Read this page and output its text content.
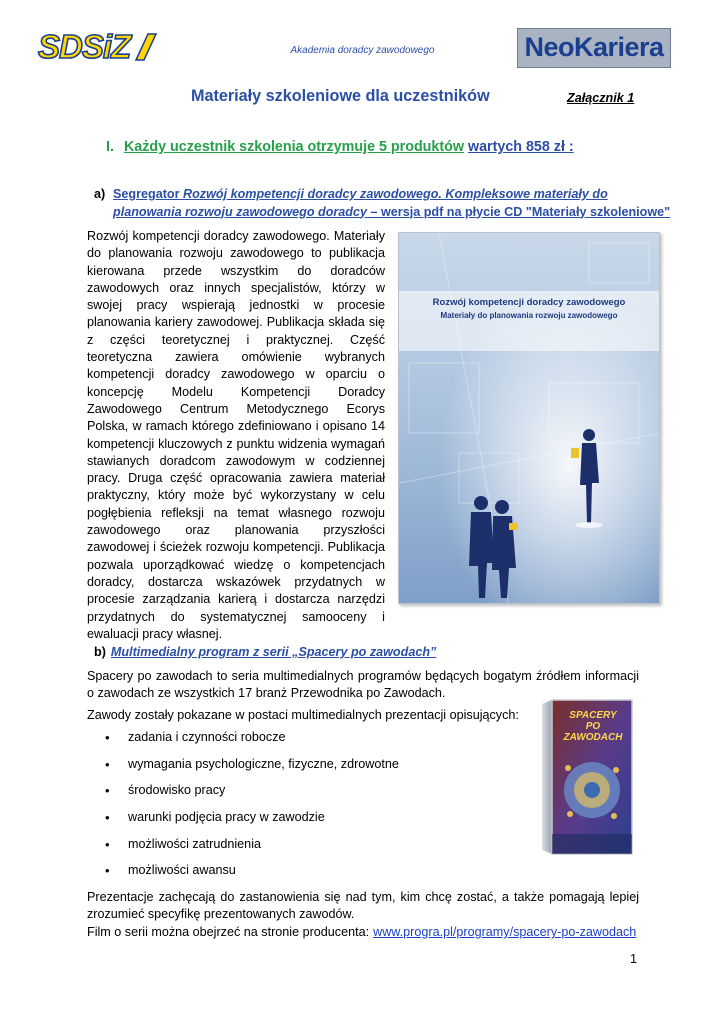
SDSiZ	Akademia doradcy zawodowego	NeoKariera
Materiały szkoleniowe dla uczestników	Załącznik 1
I. Każdy uczestnik szkolenia otrzymuje 5 produktów wartych 858 zł :
a) Segregator Rozwój kompetencji doradcy zawodowego. Kompleksowe materiały do
planowania rozwoju zawodowego doradcy – wersja pdf na płycie CD "Materiały szkoleniowe"

Rozwój kompetencji doradcy zawodowego. Materiały do planowania rozwoju zawodowego to publikacja kierowana przede wszystkim do doradców zawodowych oraz innych specjalistów, którzy w swojej pracy wspierają jednostki w procesie planowania kariery zawodowej. Publikacja składa się z części teoretycznej i praktycznej. Część teoretyczna zawiera omówienie wybranych kompetencji doradcy zawodowego w oparciu o koncepcję Modelu Kompetencji Doradcy Zawodowego Centrum Metodycznego Ecorys Polska, w ramach którego zdefiniowano i opisano 14 kompetencji kluczowych z punktu widzenia wymagań stawianych doradcom zawodowym w codziennej pracy. Druga część opracowania zawiera materiał praktyczny, który może być wykorzystany w celu pogłębienia refleksji na temat własnego rozwoju zawodowego oraz planowania przyszłości zawodowej i ścieżek rozwoju kompetencji. Publikacja pozwala uporządkować wiedzę o kompetencjach doradcy, dostarcza wskazówek przydatnych w procesie zarządzania karierą i dostarcza narzędzi przydatnych do systematycznej samooceny i ewaluacji pracy własnej.

Rozwój kompetencji doradcy zawodowego
Materiały do planowania rozwoju zawodowego
b) Multimedialny program z serii „Spacery po zawodach”
Spacery po zawodach to seria multimedialnych programów będących bogatym źródłem informacji o zawodach ze wszystkich 17 branż Przewodnika po Zawodach.
Zawody zostały pokazane w postaci multimedialnych prezentacji opisujących:
• zadania i czynności robocze
• wymagania psychologiczne, fizyczne, zdrowotne
• środowisko pracy
• warunki podjęcia pracy w zawodzie
• możliwości zatrudnienia
• możliwości awansu
SPACERY
PO
ZAWODACH
Prezentacje zachęcają do zastanowienia się nad tym, kim chcę zostać, a także pomagają lepiej zrozumieć specyfikę prezentowanych zawodów.
Film o serii można obejrzeć na stronie producenta: www.progra.pl/programy/spacery-po-zawodach
1
